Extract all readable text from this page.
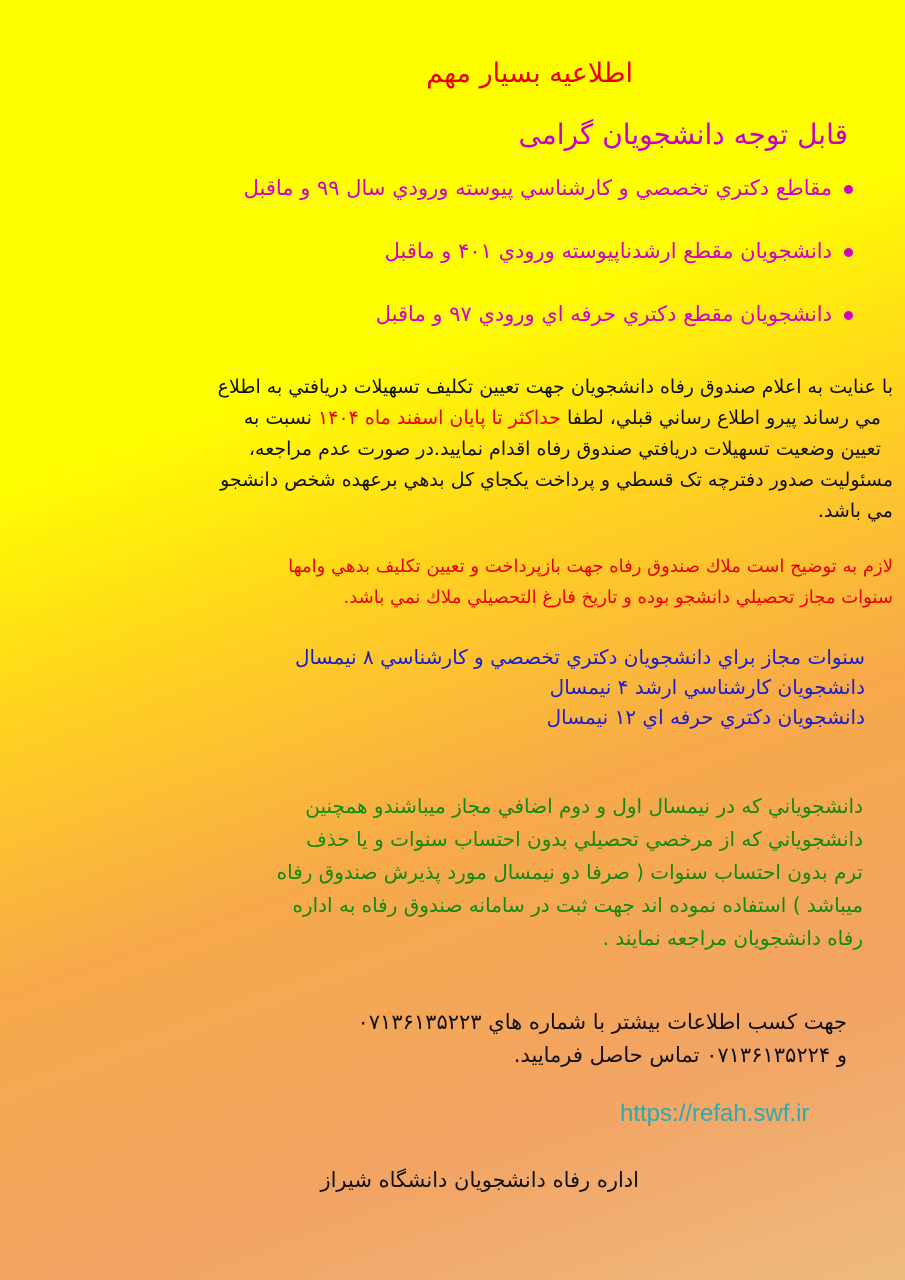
اطلاعیه بسیار مهم
قابل توجه دانشجویان گرامی
مقاطع دكتري تخصصي و كارشناسي پيوسته ورودي سال ۹۹ و ماقبل
دانشجويان مقطع ارشدناپيوسته ورودي ۴۰۱ و ماقبل
دانشجويان مقطع دكتري حرفه اي ورودي ۹۷ و ماقبل
با عنايت به اعلام صندوق رفاه دانشجويان جهت تعيين تكليف تسهيلات دريافتي به اطلاع
مي رساند پيرو اطلاع رساني قبلي، لطفا حداكثر تا پايان اسفند ماه ۱۴۰۴ نسبت به
تعيين وضعيت تسهيلات دريافتي صندوق رفاه اقدام نماييد.در صورت عدم مراجعه،
مسئوليت صدور دفترچه تک قسطي و پرداخت يكجاي كل بدهي برعهده شخص دانشجو
مي باشد.
لازم به توضيح است ملاك صندوق رفاه جهت بازپرداخت و تعيين تكليف بدهي وامها
سنوات مجاز تحصيلي دانشجو بوده و تاريخ فارغ التحصيلي ملاك نمي باشد.
سنوات مجاز براي دانشجويان دكتري تخصصي و كارشناسي ۸ نيمسال
دانشجويان كارشناسي ارشد ۴ نيمسال
دانشجويان دكتري حرفه اي ۱۲ نيمسال
دانشجوياني كه در نيمسال اول و دوم اضافي مجاز ميباشندو همچنين
دانشجوياني كه از مرخصي تحصيلي بدون احتساب سنوات و يا حذف
ترم بدون احتساب سنوات ( صرفا دو نيمسال مورد پذيرش صندوق رفاه
ميباشد ) استفاده نموده اند جهت ثبت در سامانه صندوق رفاه به اداره
رفاه دانشجويان مراجعه نمايند .
جهت كسب اطلاعات بيشتر با شماره هاي ۰۷۱۳۶۱۳۵۲۲۳
و ۰۷۱۳۶۱۳۵۲۲۴ تماس حاصل فرماييد.
https://refah.swf.ir
اداره رفاه دانشجويان دانشگاه شيراز
